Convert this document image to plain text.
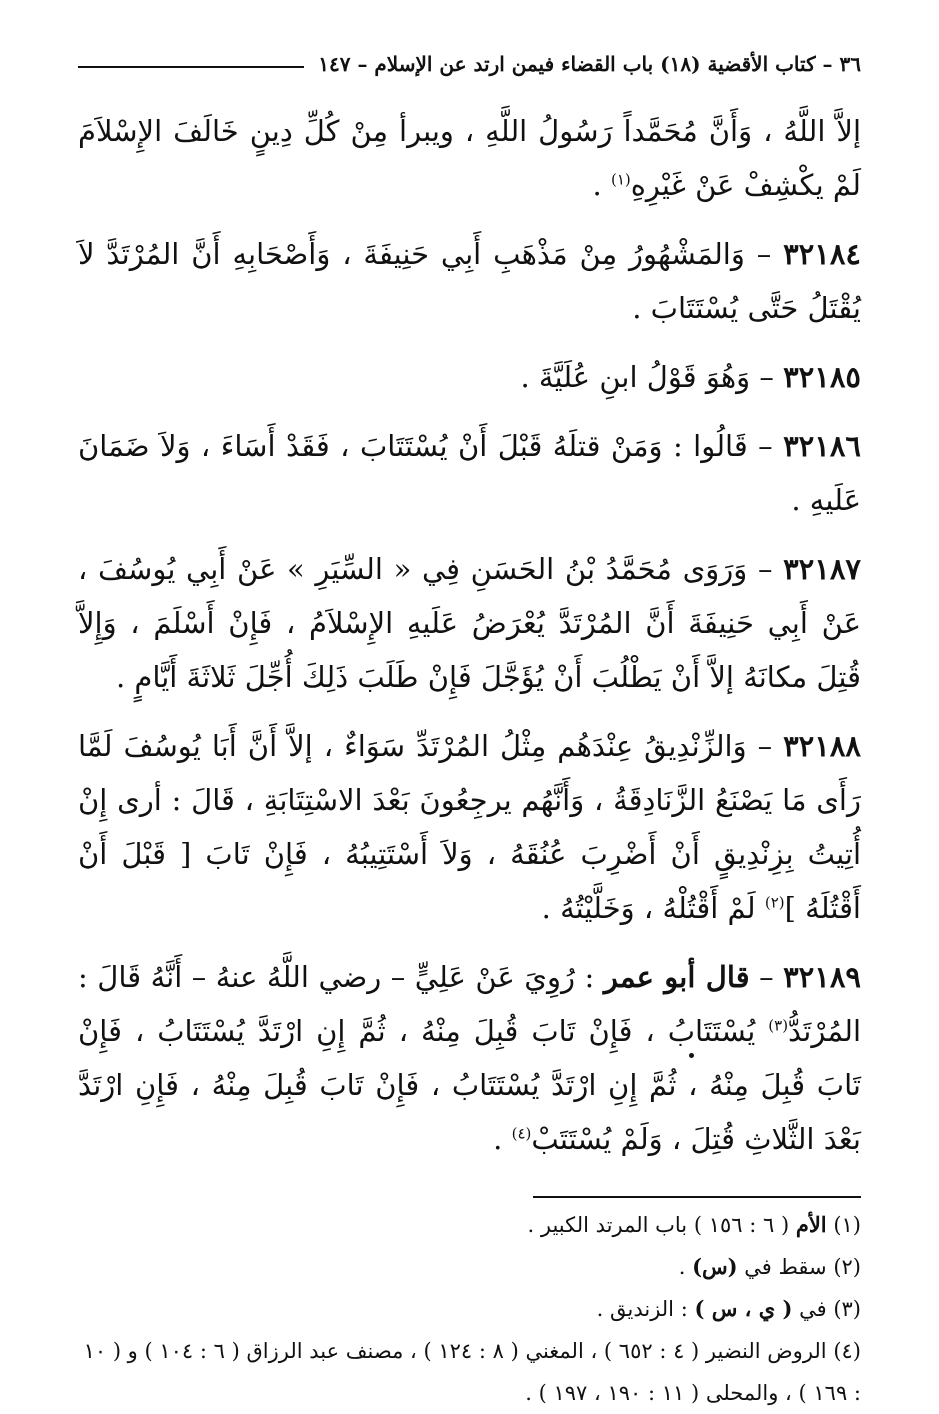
٣٦ – كتاب الأقضية (١٨) باب القضاء فيمن ارتد عن الإسلام – ١٤٧

إلاَّ اللَّهُ ، وَأَنَّ مُحَمَّداً رَسُولُ اللَّهِ ، ويبرأ مِنْ كُلِّ دِينٍ خَالَفَ الإِسْلاَمَ لَمْ يكْشِفْ عَنْ غَيْرِهِ$^{(١)}$ .

٣٢١٨٤ – وَالمَشْهُورُ مِنْ مَذْهَبِ أَبِي حَنِيفَةَ ، وَأَصْحَابِهِ أَنَّ المُرْتَدَّ لاَ يُقْتَلُ حَتَّى يُسْتَتَابَ .

٣٢١٨٥ – وَهُوَ قَوْلُ ابنِ عُلَيَّةَ .

٣٢١٨٦ – قَالُوا : وَمَنْ قتلَهُ قَبْلَ أَنْ يُسْتَتَابَ ، فَقَدْ أَسَاءَ ، وَلاَ ضَمَانَ عَلَيهِ .

٣٢١٨٧ – وَرَوَى مُحَمَّدُ بْنُ الحَسَنِ فِي « السِّيَرِ » عَنْ أَبِي يُوسُفَ ، عَنْ أَبِي حَنِيفَةَ أَنَّ المُرْتَدَّ يُعْرَضُ عَلَيهِ الإِسْلاَمُ ، فَإِنْ أَسْلَمَ ، وَإِلاَّ قُتِلَ مكانَهُ إلاَّ أَنْ يَطْلُبَ أَنْ يُؤَجَّلَ فَإِنْ طَلَبَ ذَلِكَ أُجِّلَ ثَلاثَةَ أَيَّامٍ .

٣٢١٨٨ – وَالزِّنْدِيقُ عِنْدَهُم مِثْلُ المُرْتَدِّ سَوَاءٌ ، إلاَّ أَنَّ أَبَا يُوسُفَ لَمَّا رَأَى مَا يَصْنَعُ الزَّنَادِقَةُ ، وَأَنَّهُم يرجِعُونَ بَعْدَ الاسْتِتَابَةِ ، قَالَ : أرى إِنْ أُتِيتُ بِزِنْدِيقٍ أَنْ أَضْرِبَ عُنُقَهُ ، وَلاَ أَسْتَتِيبُهُ ، فَإِنْ تَابَ [ قَبْلَ أَنْ أَقْتُلَهُ ]$^{(٢)}$ لَمْ أَقْتُلْهُ ، وَخَلَّيْتُهُ .

٣٢١٨٩ – قال أبو عمر : رُوِيَ عَنْ عَلِيٍّ – رضي اللَّهُ عنهُ – أَنَّهُ قَالَ : المُرْتَدُّ$^{(٣)}$ يُسْتَتَابُ ، فَإِنْ تَابَ قُبِلَ مِنْهُ ، ثُمَّ إِنِ ارْتَدَّ يُسْتَتَابُ ، فَإِنْ تَابَ قُبِلَ مِنْهُ ، ثُمَّ إِنِ ارْتَدَّ يُسْتَتَابُ ، فَإِنْ تَابَ قُبِلَ مِنْهُ ، فَإِنِ ارْتَدَّ بَعْدَ الثَّلاثِ قُتِلَ ، وَلَمْ يُسْتَتَبْ$^{(٤)}$ .

(١) الأم ( ٦ : ١٥٦ ) باب المرتد الكبير .

(٢) سقط في (س) .

(٣) في ( ي ، س ) : الزنديق .

(٤) الروض النضير ( ٤ : ٦٥٢ ) ، المغني ( ٨ : ١٢٤ ) ، مصنف عبد الرزاق ( ٦ : ١٠٤ ) و ( ١٠ : ١٦٩ ) ، والمحلى ( ١١ : ١٩٠ ، ١٩٧ ) .
